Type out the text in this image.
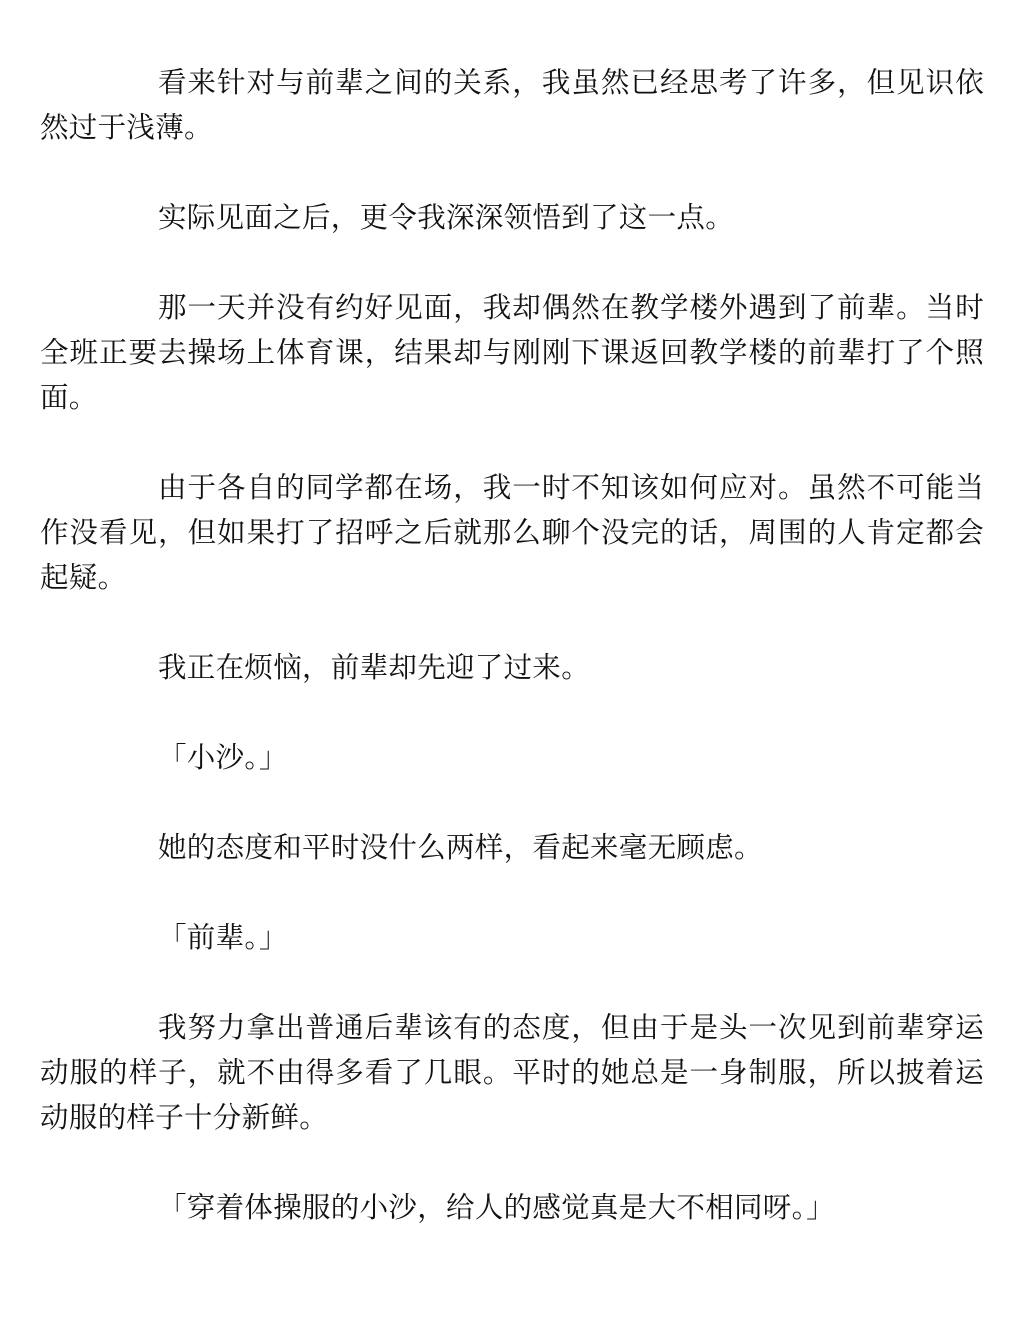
看来针对与前辈之间的关系，我虽然已经思考了许多，但见识依然过于浅薄。

实际见面之后，更令我深深领悟到了这一点。

那一天并没有约好见面，我却偶然在教学楼外遇到了前辈。当时全班正要去操场上体育课，结果却与刚刚下课返回教学楼的前辈打了个照面。

由于各自的同学都在场，我一时不知该如何应对。虽然不可能当作没看见，但如果打了招呼之后就那么聊个没完的话，周围的人肯定都会起疑。

我正在烦恼，前辈却先迎了过来。

「小沙。」

她的态度和平时没什么两样，看起来毫无顾虑。

「前辈。」

我努力拿出普通后辈该有的态度，但由于是头一次见到前辈穿运动服的样子，就不由得多看了几眼。平时的她总是一身制服，所以披着运动服的样子十分新鲜。

「穿着体操服的小沙，给人的感觉真是大不相同呀。」
